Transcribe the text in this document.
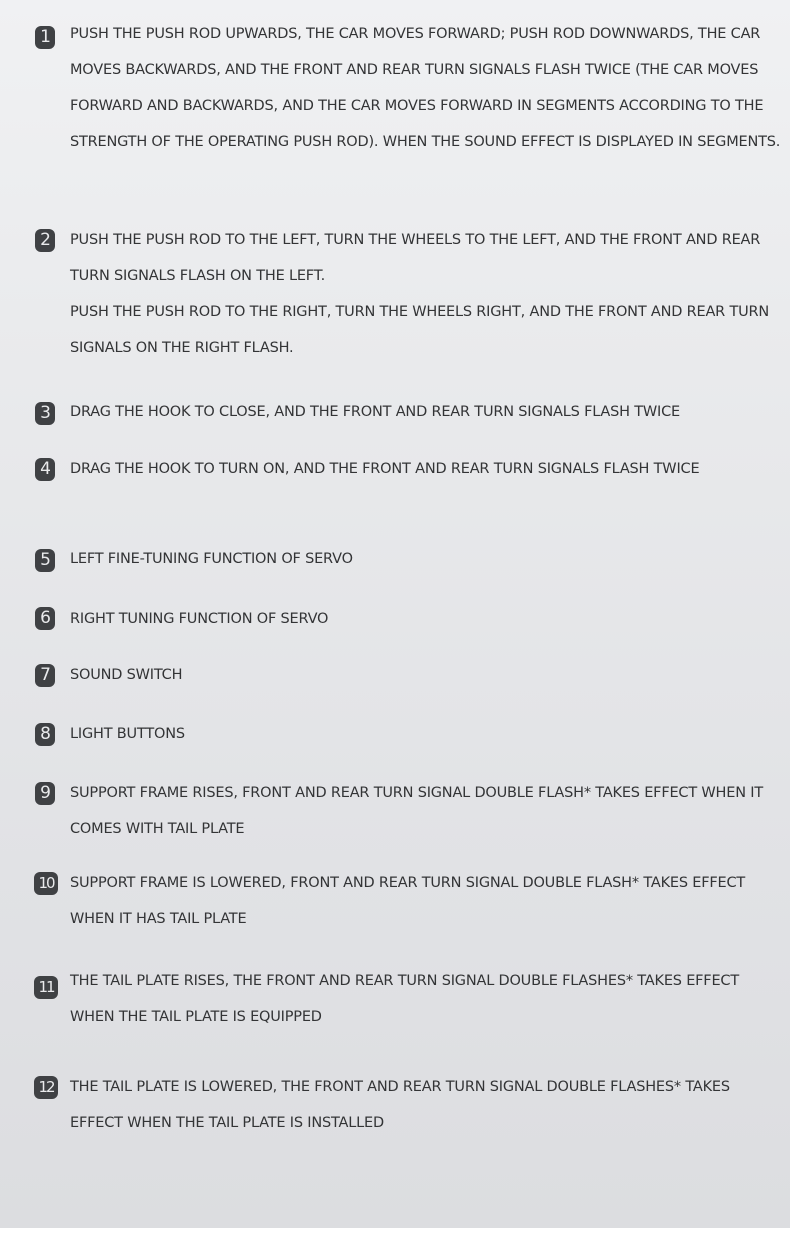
1	PUSH THE PUSH ROD UPWARDS, THE CAR MOVES FORWARD; PUSH ROD DOWNWARDS, THE CAR MOVES BACKWARDS, AND THE FRONT AND REAR TURN SIGNALS FLASH TWICE (THE CAR MOVES FORWARD AND BACKWARDS, AND THE CAR MOVES FORWARD IN SEGMENTS ACCORDING TO THE STRENGTH OF THE OPERATING PUSH ROD). WHEN THE SOUND EFFECT IS DISPLAYED IN SEGMENTS.

2	PUSH THE PUSH ROD TO THE LEFT, TURN THE WHEELS TO THE LEFT, AND THE FRONT AND REAR TURN SIGNALS FLASH ON THE LEFT.
PUSH THE PUSH ROD TO THE RIGHT, TURN THE WHEELS RIGHT, AND THE FRONT AND REAR TURN SIGNALS ON THE RIGHT FLASH.

3	DRAG THE HOOK TO CLOSE, AND THE FRONT AND REAR TURN SIGNALS FLASH TWICE

4	DRAG THE HOOK TO TURN ON, AND THE FRONT AND REAR TURN SIGNALS FLASH TWICE

5	LEFT FINE-TUNING FUNCTION OF SERVO

6	RIGHT TUNING FUNCTION OF SERVO

7	SOUND SWITCH

8	LIGHT BUTTONS

9	SUPPORT FRAME RISES, FRONT AND REAR TURN SIGNAL DOUBLE FLASH* TAKES EFFECT WHEN IT COMES WITH TAIL PLATE

10	SUPPORT FRAME IS LOWERED, FRONT AND REAR TURN SIGNAL DOUBLE FLASH* TAKES EFFECT WHEN IT HAS TAIL PLATE

11	THE TAIL PLATE RISES, THE FRONT AND REAR TURN SIGNAL DOUBLE FLASHES* TAKES EFFECT WHEN THE TAIL PLATE IS EQUIPPED

12	THE TAIL PLATE IS LOWERED, THE FRONT AND REAR TURN SIGNAL DOUBLE FLASHES* TAKES EFFECT WHEN THE TAIL PLATE IS INSTALLED
